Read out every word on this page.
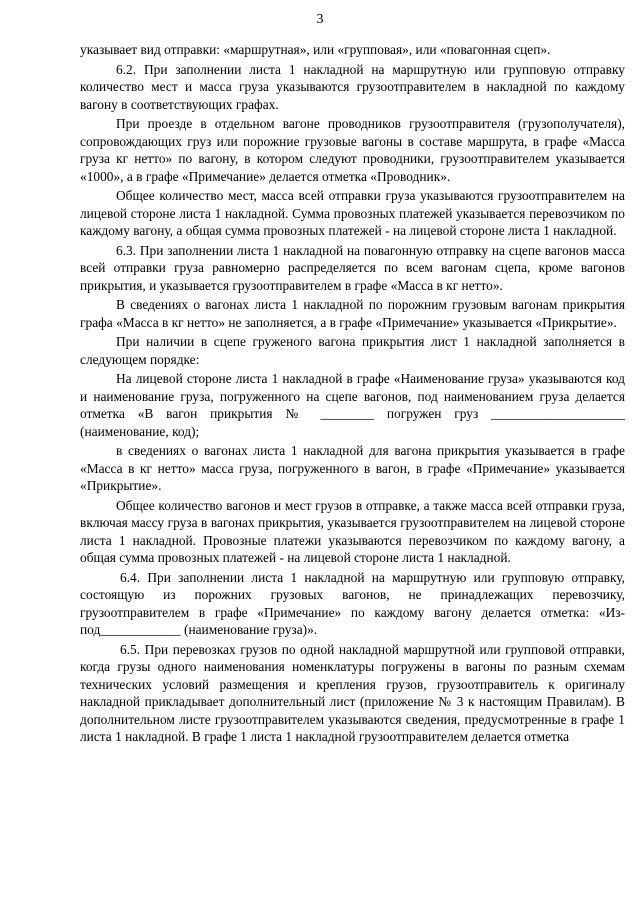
3

указывает вид отправки: «маршрутная», или «групповая», или «повагонная сцеп».

6.2. При заполнении листа 1 накладной на маршрутную или групповую отправку количество мест и масса груза указываются грузоотправителем в накладной по каждому вагону в соответствующих графах.

При проезде в отдельном вагоне проводников грузоотправителя (грузополучателя), сопровождающих груз или порожние грузовые вагоны в составе маршрута, в графе «Масса груза кг нетто» по вагону, в котором следуют проводники, грузоотправителем указывается «1000», а в графе «Примечание» делается отметка «Проводник».

Общее количество мест, масса всей отправки груза указываются грузоотправителем на лицевой стороне листа 1 накладной. Сумма провозных платежей указывается перевозчиком по каждому вагону, а общая сумма провозных платежей - на лицевой стороне листа 1 накладной.

6.3. При заполнении листа 1 накладной на повагонную отправку на сцепе вагонов масса всей отправки груза равномерно распределяется по всем вагонам сцепа, кроме вагонов прикрытия, и указывается грузоотправителем в графе «Масса в кг нетто».

В сведениях о вагонах листа 1 накладной по порожним грузовым вагонам прикрытия графа «Масса в кг нетто» не заполняется, а в графе «Примечание» указывается «Прикрытие».

При наличии в сцепе груженого вагона прикрытия лист 1 накладной заполняется в следующем порядке:

На лицевой стороне листа 1 накладной в графе «Наименование груза» указываются код и наименование груза, погруженного на сцепе вагонов, под наименованием груза делается отметка «В вагон прикрытия № ________ погружен груз ____________________ (наименование, код);

в сведениях о вагонах листа 1 накладной для вагона прикрытия указывается в графе «Масса в кг нетто» масса груза, погруженного в вагон, в графе «Примечание» указывается «Прикрытие».

Общее количество вагонов и мест грузов в отправке, а также масса всей отправки груза, включая массу груза в вагонах прикрытия, указывается грузоотправителем на лицевой стороне листа 1 накладной. Провозные платежи указываются перевозчиком по каждому вагону, а общая сумма провозных платежей - на лицевой стороне листа 1 накладной.

6.4. При заполнении листа 1 накладной на маршрутную или групповую отправку, состоящую из порожних грузовых вагонов, не принадлежащих перевозчику, грузоотправителем в графе «Примечание» по каждому вагону делается отметка: «Из-под____________ (наименование груза)».

6.5. При перевозках грузов по одной накладной маршрутной или групповой отправки, когда грузы одного наименования номенклатуры погружены в вагоны по разным схемам технических условий размещения и крепления грузов, грузоотправитель к оригиналу накладной прикладывает дополнительный лист (приложение № 3 к настоящим Правилам). В дополнительном листе грузоотправителем указываются сведения, предусмотренные в графе 1 листа 1 накладной. В графе 1 листа 1 накладной грузоотправителем делается отметка
